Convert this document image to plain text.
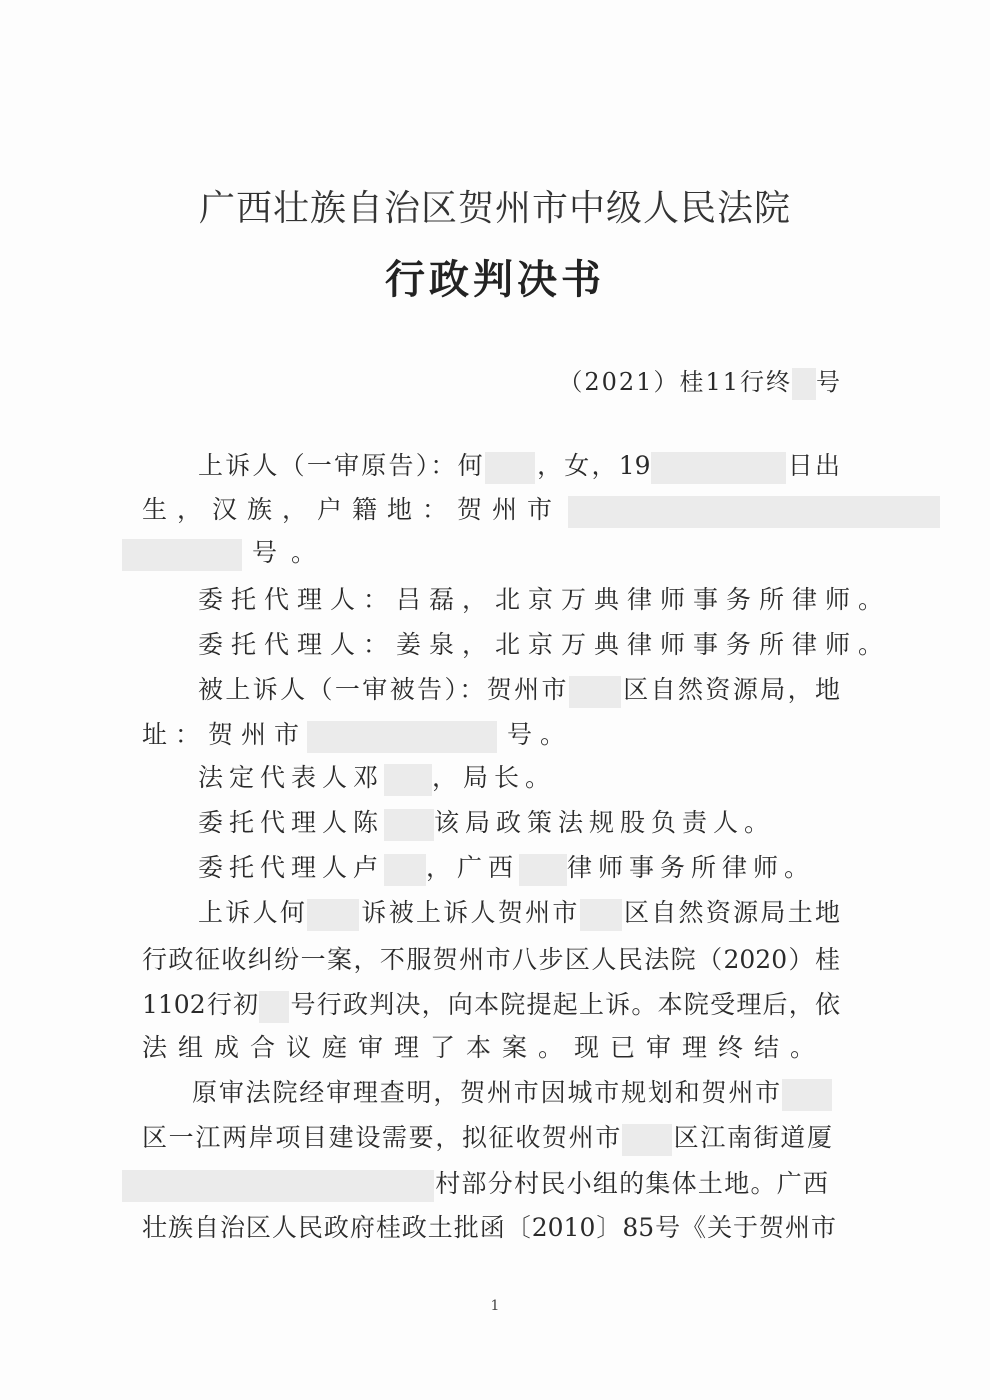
广西壮族自治区贺州市中级人民法院
行政判决书
（2021）桂11行终 号
上诉人（一审原告）：何 ，女，19	日出
生，汉族，户籍地：贺州市
号。
委托代理人：吕磊，北京万典律师事务所律师。
委托代理人：姜泉，北京万典律师事务所律师。
被上诉人（一审被告）：贺州市 区自然资源局，地
址：贺州市	号。
法定代表人邓 ，局长。
委托代理人陈 该局政策法规股负责人。
委托代理人卢 ，广西 律师事务所律师。
上诉人何 诉被上诉人贺州市 区自然资源局土地
行政征收纠纷一案，不服贺州市八步区人民法院（2020）桂
1102行初 号行政判决，向本院提起上诉。本院受理后，依
法组成合议庭审理了本案。现已审理终结。
原审法院经审理查明，贺州市因城市规划和贺州市
区一江两岸项目建设需要，拟征收贺州市 区江南街道厦
村部分村民小组的集体土地。广西
壮族自治区人民政府桂政土批函〔2010〕85号《关于贺州市
1
